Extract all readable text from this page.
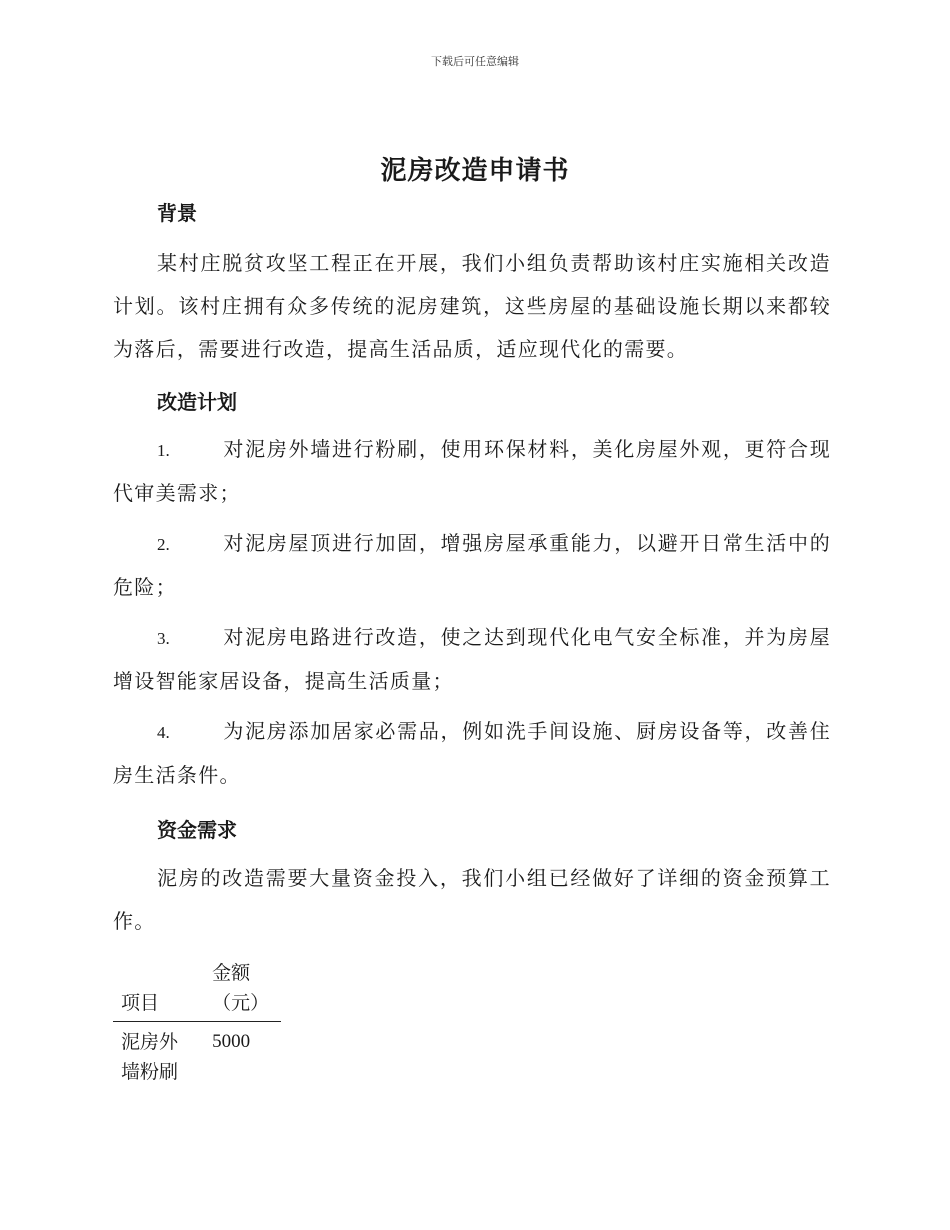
下载后可任意编辑
泥房改造申请书
背景
某村庄脱贫攻坚工程正在开展，我们小组负责帮助该村庄实施相关改造计划。该村庄拥有众多传统的泥房建筑，这些房屋的基础设施长期以来都较为落后，需要进行改造，提高生活品质，适应现代化的需要。
改造计划
1.	对泥房外墙进行粉刷，使用环保材料，美化房屋外观，更符合现代审美需求；
2.	对泥房屋顶进行加固，增强房屋承重能力，以避开日常生活中的危险；
3.	对泥房电路进行改造，使之达到现代化电气安全标准，并为房屋增设智能家居设备，提高生活质量；
4.	为泥房添加居家必需品，例如洗手间设施、厨房设备等，改善住房生活条件。
资金需求
泥房的改造需要大量资金投入，我们小组已经做好了详细的资金预算工作。
项目	金额（元）
泥房外墙粉刷	5000
